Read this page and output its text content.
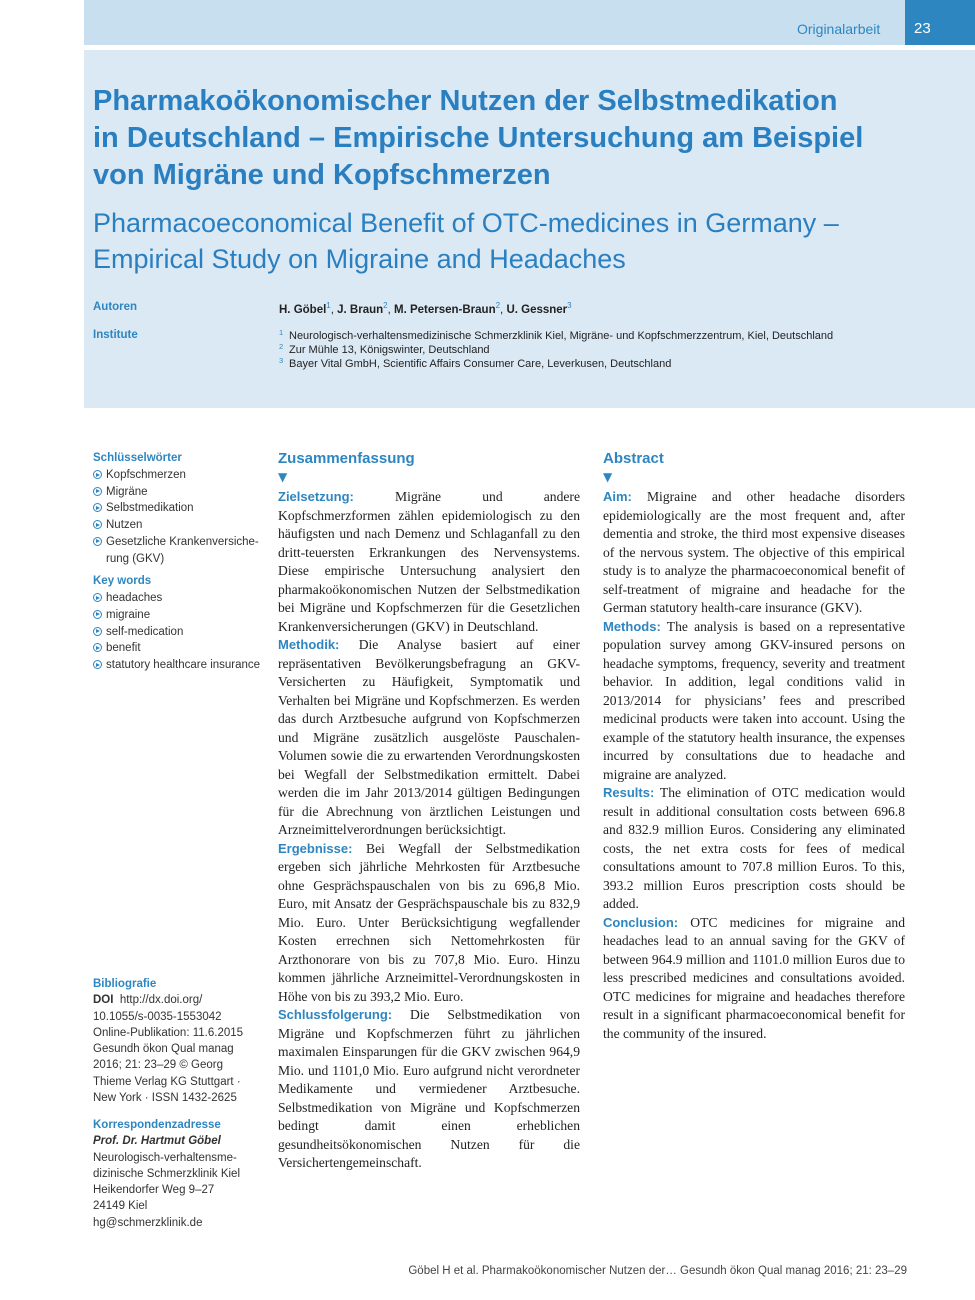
Originalarbeit 23
Pharmakoökonomischer Nutzen der Selbstmedikation
in Deutschland – Empirische Untersuchung am Beispiel
von Migräne und Kopfschmerzen
Pharmacoeconomical Benefit of OTC-medicines in Germany –
Empirical Study on Migraine and Headaches
Autoren	H. Göbel$^1$, J. Braun$^2$, M. Petersen-Braun$^2$, U. Gessner$^3$
Institute	1 Neurologisch-verhaltensmedizinische Schmerzklinik Kiel, Migräne- und Kopfschmerzzentrum, Kiel, Deutschland
2 Zur Mühle 13, Königswinter, Deutschland
3 Bayer Vital GmbH, Scientific Affairs Consumer Care, Leverkusen, Deutschland
Schlüsselwörter
Kopfschmerzen
Migräne
Selbstmedikation
Nutzen
Gesetzliche Krankenversiche-rung (GKV)
Key words
headaches
migraine
self-medication
benefit
statutory healthcare insurance
Bibliografie
DOI http://dx.doi.org/
10.1055/s-0035-1553042
Online-Publikation: 11.6.2015
Gesundh ökon Qual manag
2016; 21: 23–29 © Georg
Thieme Verlag KG Stuttgart ·
New York · ISSN 1432-2625
Korrespondenzadresse
Prof. Dr. Hartmut Göbel
Neurologisch-verhaltensme-
dizinische Schmerzklinik Kiel
Heikendorfer Weg 9–27
24149 Kiel
hg@schmerzklinik.de
Zusammenfassung
▼

Zielsetzung:	Migräne und andere Kopfschmerzformen zählen epidemiologisch zu den häufigsten und nach Demenz und Schlaganfall zu den dritt-teuersten Erkrankungen des Nervensystems. Diese empirische Untersuchung analysiert den pharmakoökonomischen Nutzen der Selbstmedikation bei Migräne und Kopfschmerzen für die Gesetzlichen Krankenversicherungen (GKV) in Deutschland.

Methodik: Die Analyse basiert auf einer repräsentativen Bevölkerungsbefragung an GKV-Versicherten zu Häufigkeit, Symptomatik und Verhalten bei Migräne und Kopfschmerzen. Es werden das durch Arztbesuche aufgrund von Kopfschmerzen und Migräne zusätzlich ausgelöste Pauschalen-Volumen sowie die zu erwartenden Verordnungskosten bei Wegfall der Selbstmedikation ermittelt. Dabei werden die im Jahr 2013/2014 gültigen Bedingungen für die Abrechnung von ärztlichen Leistungen und Arzneimittelverordnungen berücksichtigt.

Ergebnisse: Bei Wegfall der Selbstmedikation ergeben sich jährliche Mehrkosten für Arztbesuche ohne Gesprächspauschalen von bis zu 696,8 Mio. Euro, mit Ansatz der Gesprächspauschale bis zu 832,9 Mio. Euro. Unter Berücksichtigung wegfallender Kosten errechnen sich Nettomehrkosten für Arzthonorare von bis zu 707,8 Mio. Euro. Hinzu kommen jährliche Arzneimittel-Verordnungskosten in Höhe von bis zu 393,2 Mio. Euro.

Schlussfolgerung: Die Selbstmedikation von Migräne und Kopfschmerzen führt zu jährlichen maximalen Einsparungen für die GKV zwischen 964,9 Mio. und 1101,0 Mio. Euro aufgrund nicht verordneter Medikamente und vermiedener Arztbesuche. Selbstmedikation von Migräne und Kopfschmerzen bedingt damit einen erheblichen gesundheitsökonomischen Nutzen für die Versichertengemeinschaft.

Abstract
▼

Aim: Migraine and other headache disorders epidemiologically are the most frequent and, after dementia and stroke, the third most expensive diseases of the nervous system. The objective of this empirical study is to analyze the pharmacoeconomical benefit of self-treatment of migraine and headache for the German statutory health-care insurance (GKV).

Methods: The analysis is based on a representative population survey among GKV-insured persons on headache symptoms, frequency, severity and treatment behavior. In addition, legal conditions valid in 2013/2014 for physicians’ fees and prescribed medicinal products were taken into account. Using the example of the statutory health insurance, the expenses incurred by consultations due to headache and migraine are analyzed.

Results: The elimination of OTC medication would result in additional consultation costs between 696.8 and 832.9 million Euros. Considering any eliminated costs, the net extra costs for fees of medical consultations amount to 707.8 million Euros. To this, 393.2 million Euros prescription costs should be added.

Conclusion: OTC medicines for migraine and headaches lead to an annual saving for the GKV of between 964.9 million and 1101.0 million Euros due to less prescribed medicines and consultations avoided. OTC medicines for migraine and headaches therefore result in a significant pharmacoeconomical benefit for the community of the insured.

Göbel H et al. Pharmakoökonomischer Nutzen der… Gesundh ökon Qual manag 2016; 21: 23–29
